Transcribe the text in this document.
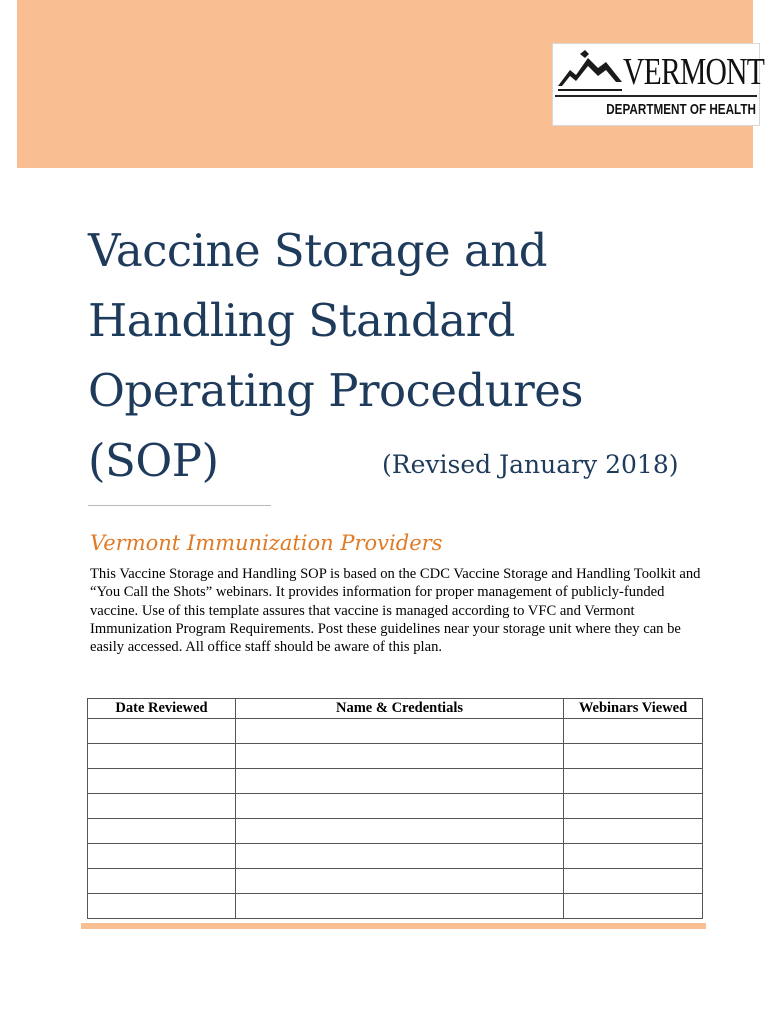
VERMONT
DEPARTMENT OF HEALTH
Vaccine Storage and
Handling Standard
Operating Procedures
(SOP)	(Revised January 2018)
Vermont Immunization Providers

This Vaccine Storage and Handling SOP is based on the CDC Vaccine Storage and Handling Toolkit and “You Call the Shots” webinars. It provides information for proper management of publicly-funded vaccine. Use of this template assures that vaccine is managed according to VFC and Vermont Immunization Program Requirements. Post these guidelines near your storage unit where they can be easily accessed. All office staff should be aware of this plan.

Date Reviewed	Name & Credentials	Webinars Viewed
